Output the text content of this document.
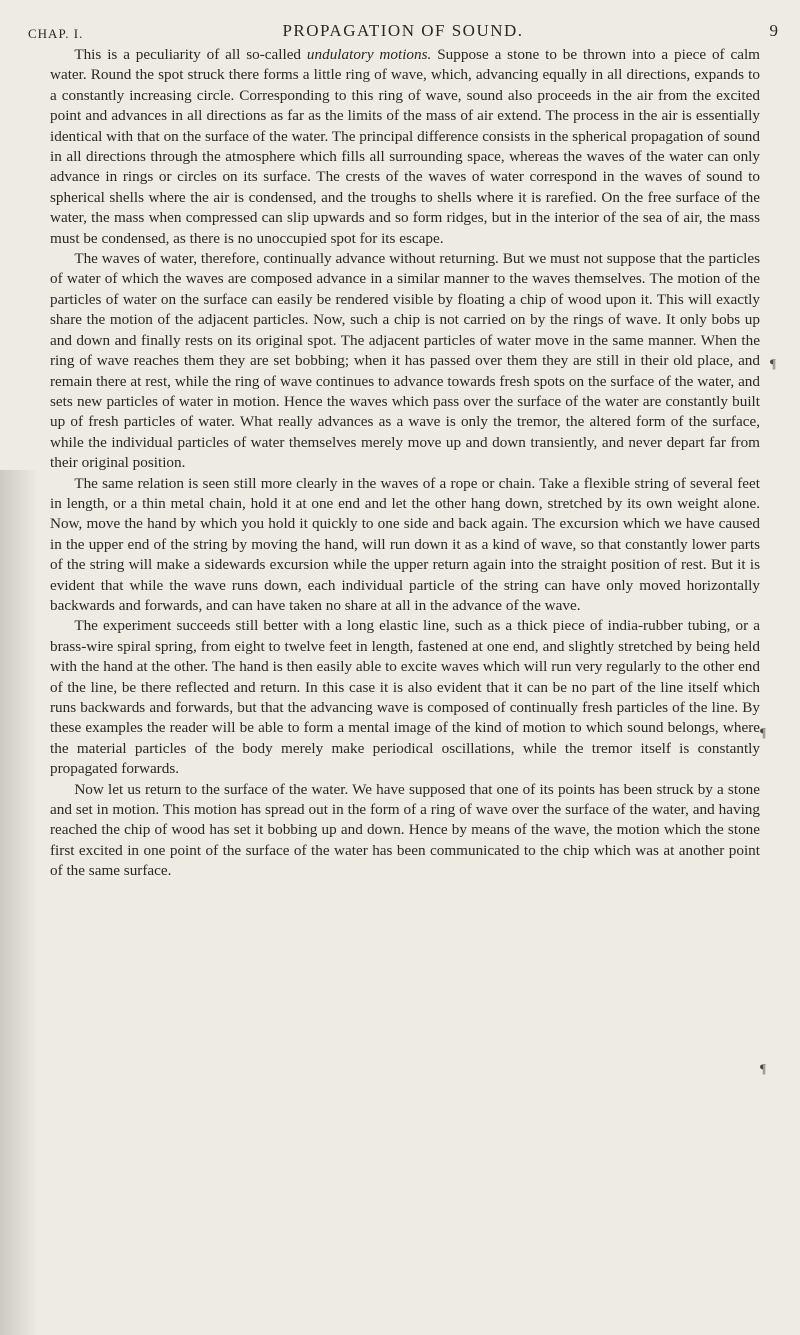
CHAP. I.	PROPAGATION OF SOUND.	9

This is a peculiarity of all so-called undulatory motions. Suppose a stone to be thrown into a piece of calm water. Round the spot struck there forms a little ring of wave, which, advancing equally in all directions, expands to a constantly increasing circle. Corresponding to this ring of wave, sound also proceeds in the air from the excited point and advances in all directions as far as the limits of the mass of air extend. The process in the air is essentially identical with that on the surface of the water. The principal difference consists in the spherical propagation of sound in all directions through the atmosphere which fills all surrounding space, whereas the waves of the water can only advance in rings or circles on its surface. The crests of the waves of water correspond in the waves of sound to spherical shells where the air is condensed, and the troughs to shells where it is rarefied. On the free surface of the water, the mass when compressed can slip upwards and so form ridges, but in the interior of the sea of air, the mass must be condensed, as there is no unoccupied spot for its escape.

The waves of water, therefore, continually advance without returning. But we must not suppose that the particles of water of which the waves are composed advance in a similar manner to the waves themselves. The motion of the particles of water on the surface can easily be rendered visible by floating a chip of wood upon it. This will exactly share the motion of the adjacent particles. Now, such a chip is not carried on by the rings of wave. It only bobs up and down and finally rests on its original spot. The adjacent particles of water move in the same manner. When the ring of wave reaches them they are set bobbing; when it has passed over them they are still in their old place, and remain there at rest, while the ring of wave continues to advance towards fresh spots on the surface of the water, and sets new particles of water in motion. Hence the waves which pass over the surface of the water are constantly built up of fresh particles of water. What really advances as a wave is only the tremor, the altered form of the surface, while the individual particles of water themselves merely move up and down transiently, and never depart far from their original position.

The same relation is seen still more clearly in the waves of a rope or chain. Take a flexible string of several feet in length, or a thin metal chain, hold it at one end and let the other hang down, stretched by its own weight alone. Now, move the hand by which you hold it quickly to one side and back again. The excursion which we have caused in the upper end of the string by moving the hand, will run down it as a kind of wave, so that constantly lower parts of the string will make a sidewards excursion while the upper return again into the straight position of rest. But it is evident that while the wave runs down, each individual particle of the string can have only moved horizontally backwards and forwards, and can have taken no share at all in the advance of the wave.

The experiment succeeds still better with a long elastic line, such as a thick piece of india-rubber tubing, or a brass-wire spiral spring, from eight to twelve feet in length, fastened at one end, and slightly stretched by being held with the hand at the other. The hand is then easily able to excite waves which will run very regularly to the other end of the line, be there reflected and return. In this case it is also evident that it can be no part of the line itself which runs backwards and forwards, but that the advancing wave is composed of continually fresh particles of the line. By these examples the reader will be able to form a mental image of the kind of motion to which sound belongs, where the material particles of the body merely make periodical oscillations, while the tremor itself is constantly propagated forwards.

Now let us return to the surface of the water. We have supposed that one of its points has been struck by a stone and set in motion. This motion has spread out in the form of a ring of wave over the surface of the water, and having reached the chip of wood has set it bobbing up and down. Hence by means of the wave, the motion which the stone first excited in one point of the surface of the water has been communicated to the chip which was at another point of the same surface.

¶
¶
¶
